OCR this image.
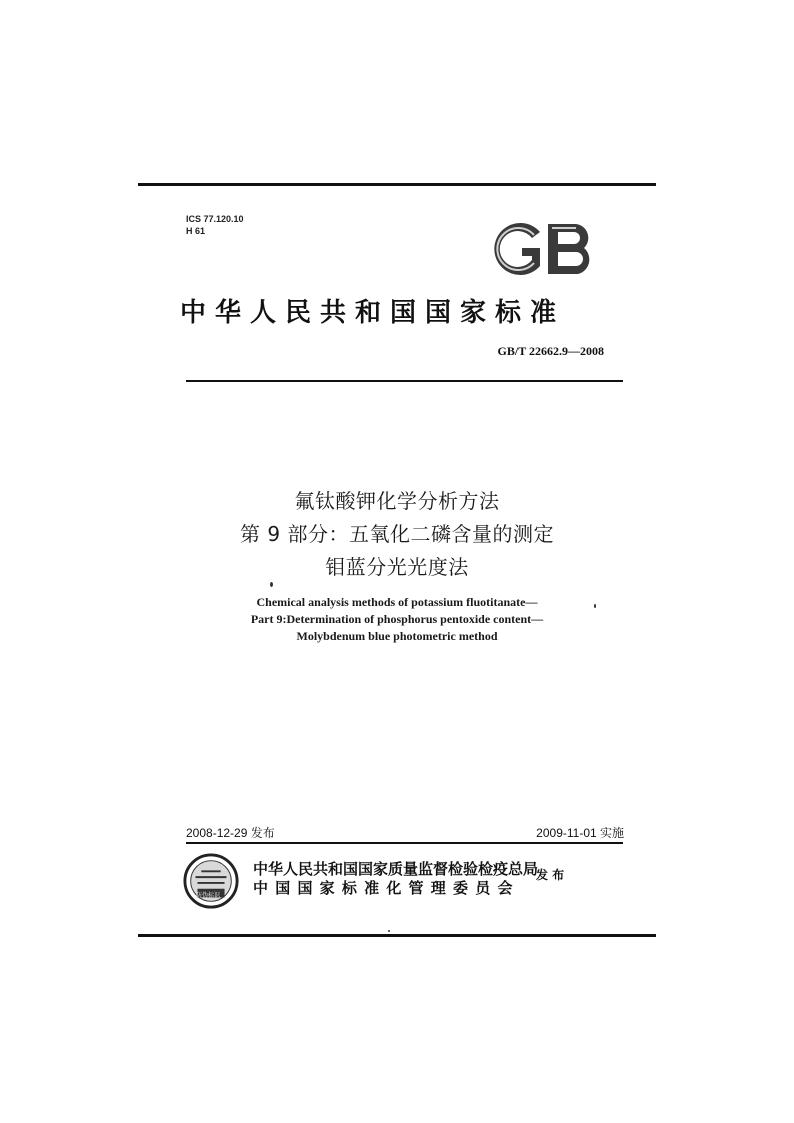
ICS 77.120.10
H 61
中华人民共和国国家标准
GB/T 22662.9—2008
氟钛酸钾化学分析方法
第 9 部分：五氧化二磷含量的测定
钼蓝分光光度法
Chemical analysis methods of potassium fluotitanate—
Part 9:Determination of phosphorus pentoxide content—
Molybdenum blue photometric method
2008-12-29 发布	2009-11-01 实施
防伪标识
中华人民共和国国家质量监督检验检疫总局
中 国 国 家 标 准 化 管 理 委 员 会
发 布
